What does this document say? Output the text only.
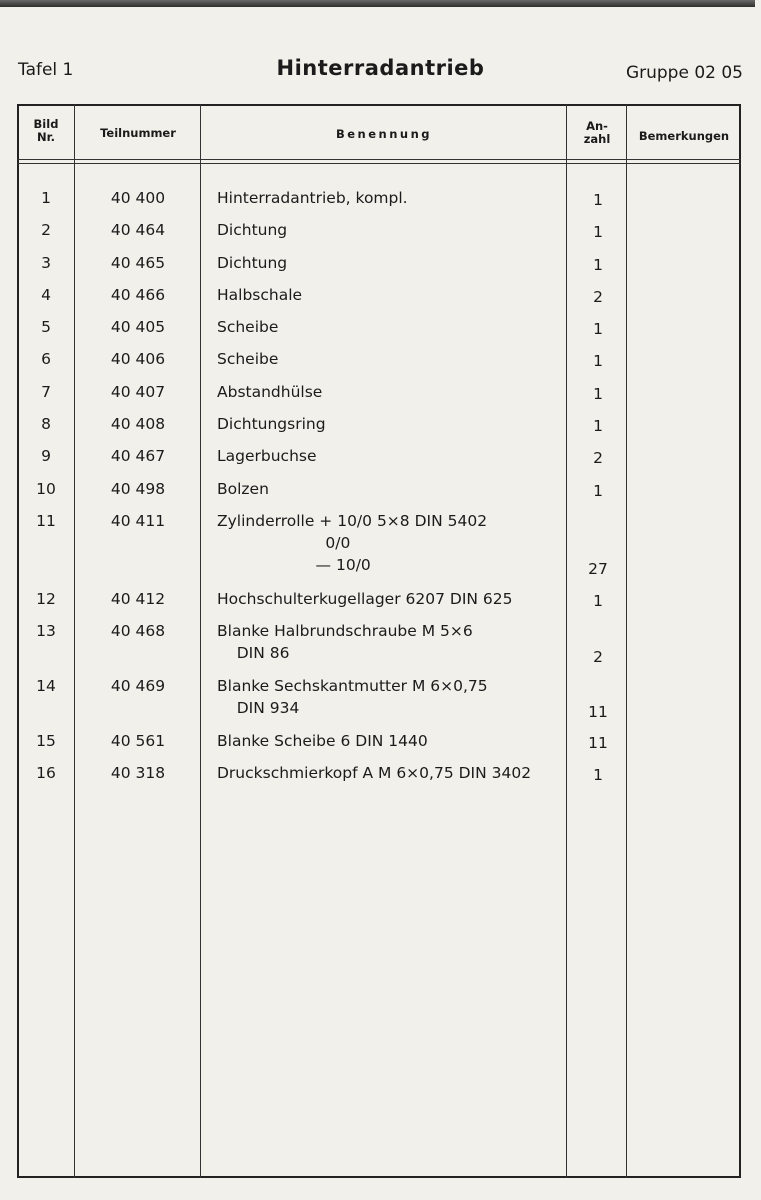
Tafel 1	Hinterradantrieb	Gruppe 02 05
Bild
Nr.	Teilnummer	Benennung
An-
zahl	Bemerkungen
1	40 400	Hinterradantrieb, kompl.	1
2	40 464	Dichtung	1
3	40 465	Dichtung	1
4	40 466	Halbschale	2
5	40 405	Scheibe	1
6	40 406	Scheibe	1
7	40 407	Abstandhülse	1
8	40 408	Dichtungsring	1
9	40 467	Lagerbuchse	2
10	40 498	Bolzen	1
11	40 411	Zylinderrolle + 10/0 5×8 DIN 5402
0/0
— 10/0	27
12	40 412	Hochschulterkugellager 6207 DIN 625	1
13	40 468	Blanke Halbrundschraube M 5×6
DIN 86	2
14	40 469	Blanke Sechskantmutter M 6×0,75
DIN 934	11
15	40 561	Blanke Scheibe 6 DIN 1440	11
16	40 318	Druckschmierkopf A M 6×0,75 DIN 3402	1
